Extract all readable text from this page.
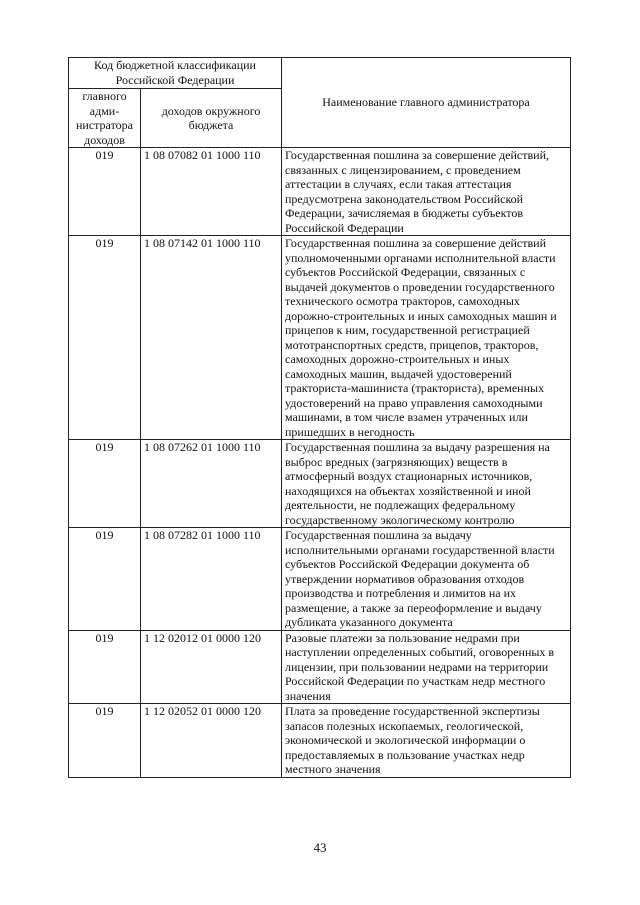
Код бюджетной классификации Российской Федерации		Наименование главного администратора
главного адми-нистратора доходов	доходов окружного бюджета	
019	1 08 07082 01 1000 110	Государственная пошлина за совершение действий, связанных с лицензированием, с проведением аттестации в случаях, если такая аттестация предусмотрена законодательством Российской Федерации, зачисляемая в бюджеты субъектов Российской Федерации
019	1 08 07142 01 1000 110	Государственная пошлина за совершение действий уполномоченными органами исполнительной власти субъектов Российской Федерации, связанных с выдачей документов о проведении государственного технического осмотра тракторов, самоходных дорожно-строительных и иных самоходных машин и прицепов к ним, государственной регистрацией мототранспортных средств, прицепов, тракторов, самоходных дорожно-строительных и иных самоходных машин, выдачей удостоверений тракториста-машиниста (тракториста), временных удостоверений на право управления самоходными машинами, в том числе взамен утраченных или пришедших в негодность
019	1 08 07262 01 1000 110	Государственная пошлина за выдачу разрешения на выброс вредных (загрязняющих) веществ в атмосферный воздух стационарных источников, находящихся на объектах хозяйственной и иной деятельности, не подлежащих федеральному государственному экологическому контролю
019	1 08 07282 01 1000 110	Государственная пошлина за выдачу исполнительными органами государственной власти субъектов Российской Федерации документа об утверждении нормативов образования отходов производства и потребления и лимитов на их размещение, а также за переоформление и выдачу дубликата указанного документа
019	1 12 02012 01 0000 120	Разовые платежи за пользование недрами при наступлении определенных событий, оговоренных в лицензии, при пользовании недрами на территории Российской Федерации по участкам недр местного значения
019	1 12 02052 01 0000 120	Плата за проведение государственной экспертизы запасов полезных ископаемых, геологической, экономической и экологической информации о предоставляемых в пользование участках недр местного значения
43
